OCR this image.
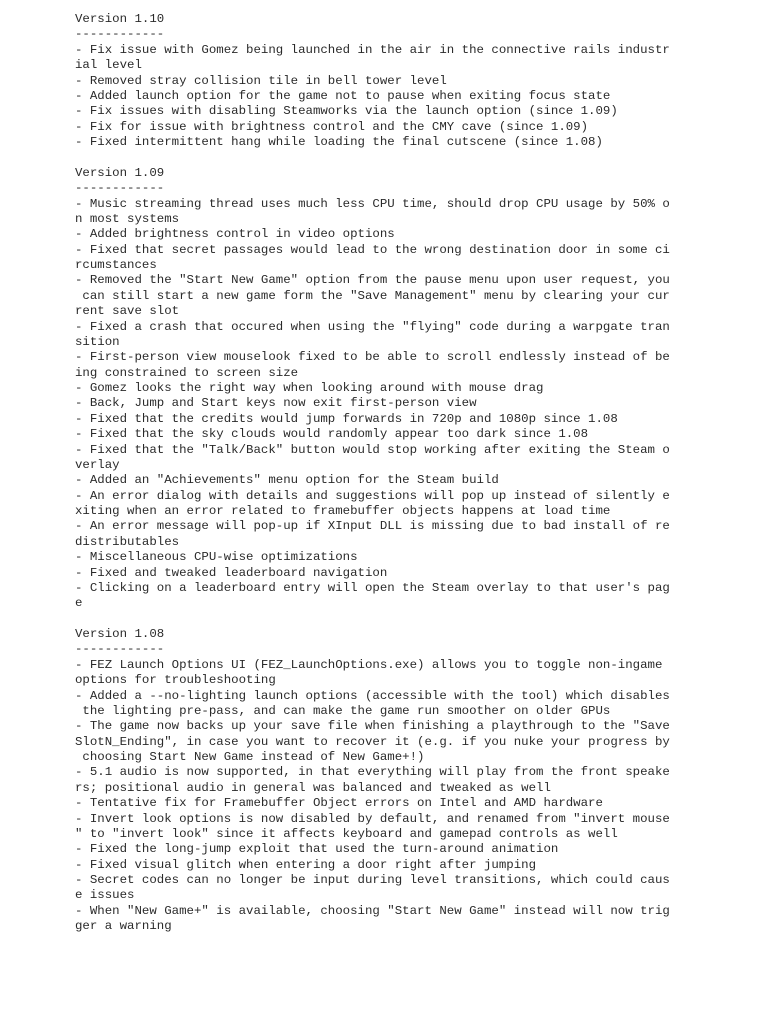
Version 1.10
------------
- Fix issue with Gomez being launched in the air in the connective rails industr
ial level
- Removed stray collision tile in bell tower level
- Added launch option for the game not to pause when exiting focus state
- Fix issues with disabling Steamworks via the launch option (since 1.09)
- Fix for issue with brightness control and the CMY cave (since 1.09)
- Fixed intermittent hang while loading the final cutscene (since 1.08)
Version 1.09
------------
- Music streaming thread uses much less CPU time, should drop CPU usage by 50% o
n most systems
- Added brightness control in video options
- Fixed that secret passages would lead to the wrong destination door in some ci
rcumstances
- Removed the "Start New Game" option from the pause menu upon user request, you
can still start a new game form the "Save Management" menu by clearing your cur
rent save slot
- Fixed a crash that occured when using the "flying" code during a warpgate tran
sition
- First-person view mouselook fixed to be able to scroll endlessly instead of be
ing constrained to screen size
- Gomez looks the right way when looking around with mouse drag
- Back, Jump and Start keys now exit first-person view
- Fixed that the credits would jump forwards in 720p and 1080p since 1.08
- Fixed that the sky clouds would randomly appear too dark since 1.08
- Fixed that the "Talk/Back" button would stop working after exiting the Steam o
verlay
- Added an "Achievements" menu option for the Steam build
- An error dialog with details and suggestions will pop up instead of silently e
xiting when an error related to framebuffer objects happens at load time
- An error message will pop-up if XInput DLL is missing due to bad install of re
distributables
- Miscellaneous CPU-wise optimizations
- Fixed and tweaked leaderboard navigation
- Clicking on a leaderboard entry will open the Steam overlay to that user's pag
e
Version 1.08
------------
- FEZ Launch Options UI (FEZ_LaunchOptions.exe) allows you to toggle non-ingame
options for troubleshooting
- Added a --no-lighting launch options (accessible with the tool) which disables
the lighting pre-pass, and can make the game run smoother on older GPUs
- The game now backs up your save file when finishing a playthrough to the "Save
SlotN_Ending", in case you want to recover it (e.g. if you nuke your progress by
choosing Start New Game instead of New Game+!)
- 5.1 audio is now supported, in that everything will play from the front speake
rs; positional audio in general was balanced and tweaked as well
- Tentative fix for Framebuffer Object errors on Intel and AMD hardware
- Invert look options is now disabled by default, and renamed from "invert mouse
" to "invert look" since it affects keyboard and gamepad controls as well
- Fixed the long-jump exploit that used the turn-around animation
- Fixed visual glitch when entering a door right after jumping
- Secret codes can no longer be input during level transitions, which could caus
e issues
- When "New Game+" is available, choosing "Start New Game" instead will now trig
ger a warning
